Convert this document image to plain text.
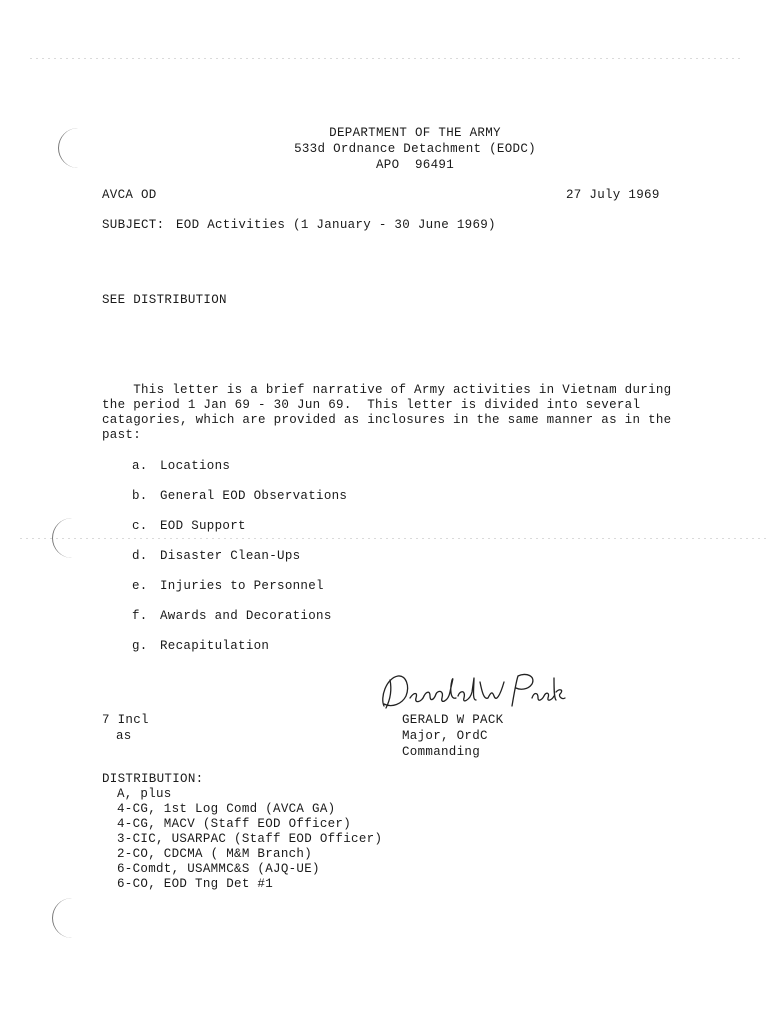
DEPARTMENT OF THE ARMY
533d Ordnance Detachment (EODC)
APO  96491
AVCA OD	27 July 1969
SUBJECT: EOD Activities (1 January - 30 June 1969)
SEE DISTRIBUTION
This letter is a brief narrative of Army activities in Vietnam during
the period 1 Jan 69 - 30 Jun 69.  This letter is divided into several
catagories, which are provided as inclosures in the same manner as in the
past:
a. Locations
b. General EOD Observations
c. EOD Support
d. Disaster Clean-Ups
e. Injuries to Personnel
f. Awards and Decorations
g. Recapitulation
7 Incl
as
GERALD W PACK
Major, OrdC
Commanding
DISTRIBUTION:
A, plus
4-CG, 1st Log Comd (AVCA GA)
4-CG, MACV (Staff EOD Officer)
3-CIC, USARPAC (Staff EOD Officer)
2-CO, CDCMA ( M&M Branch)
6-Comdt, USAMMC&S (AJQ-UE)
6-CO, EOD Tng Det #1
